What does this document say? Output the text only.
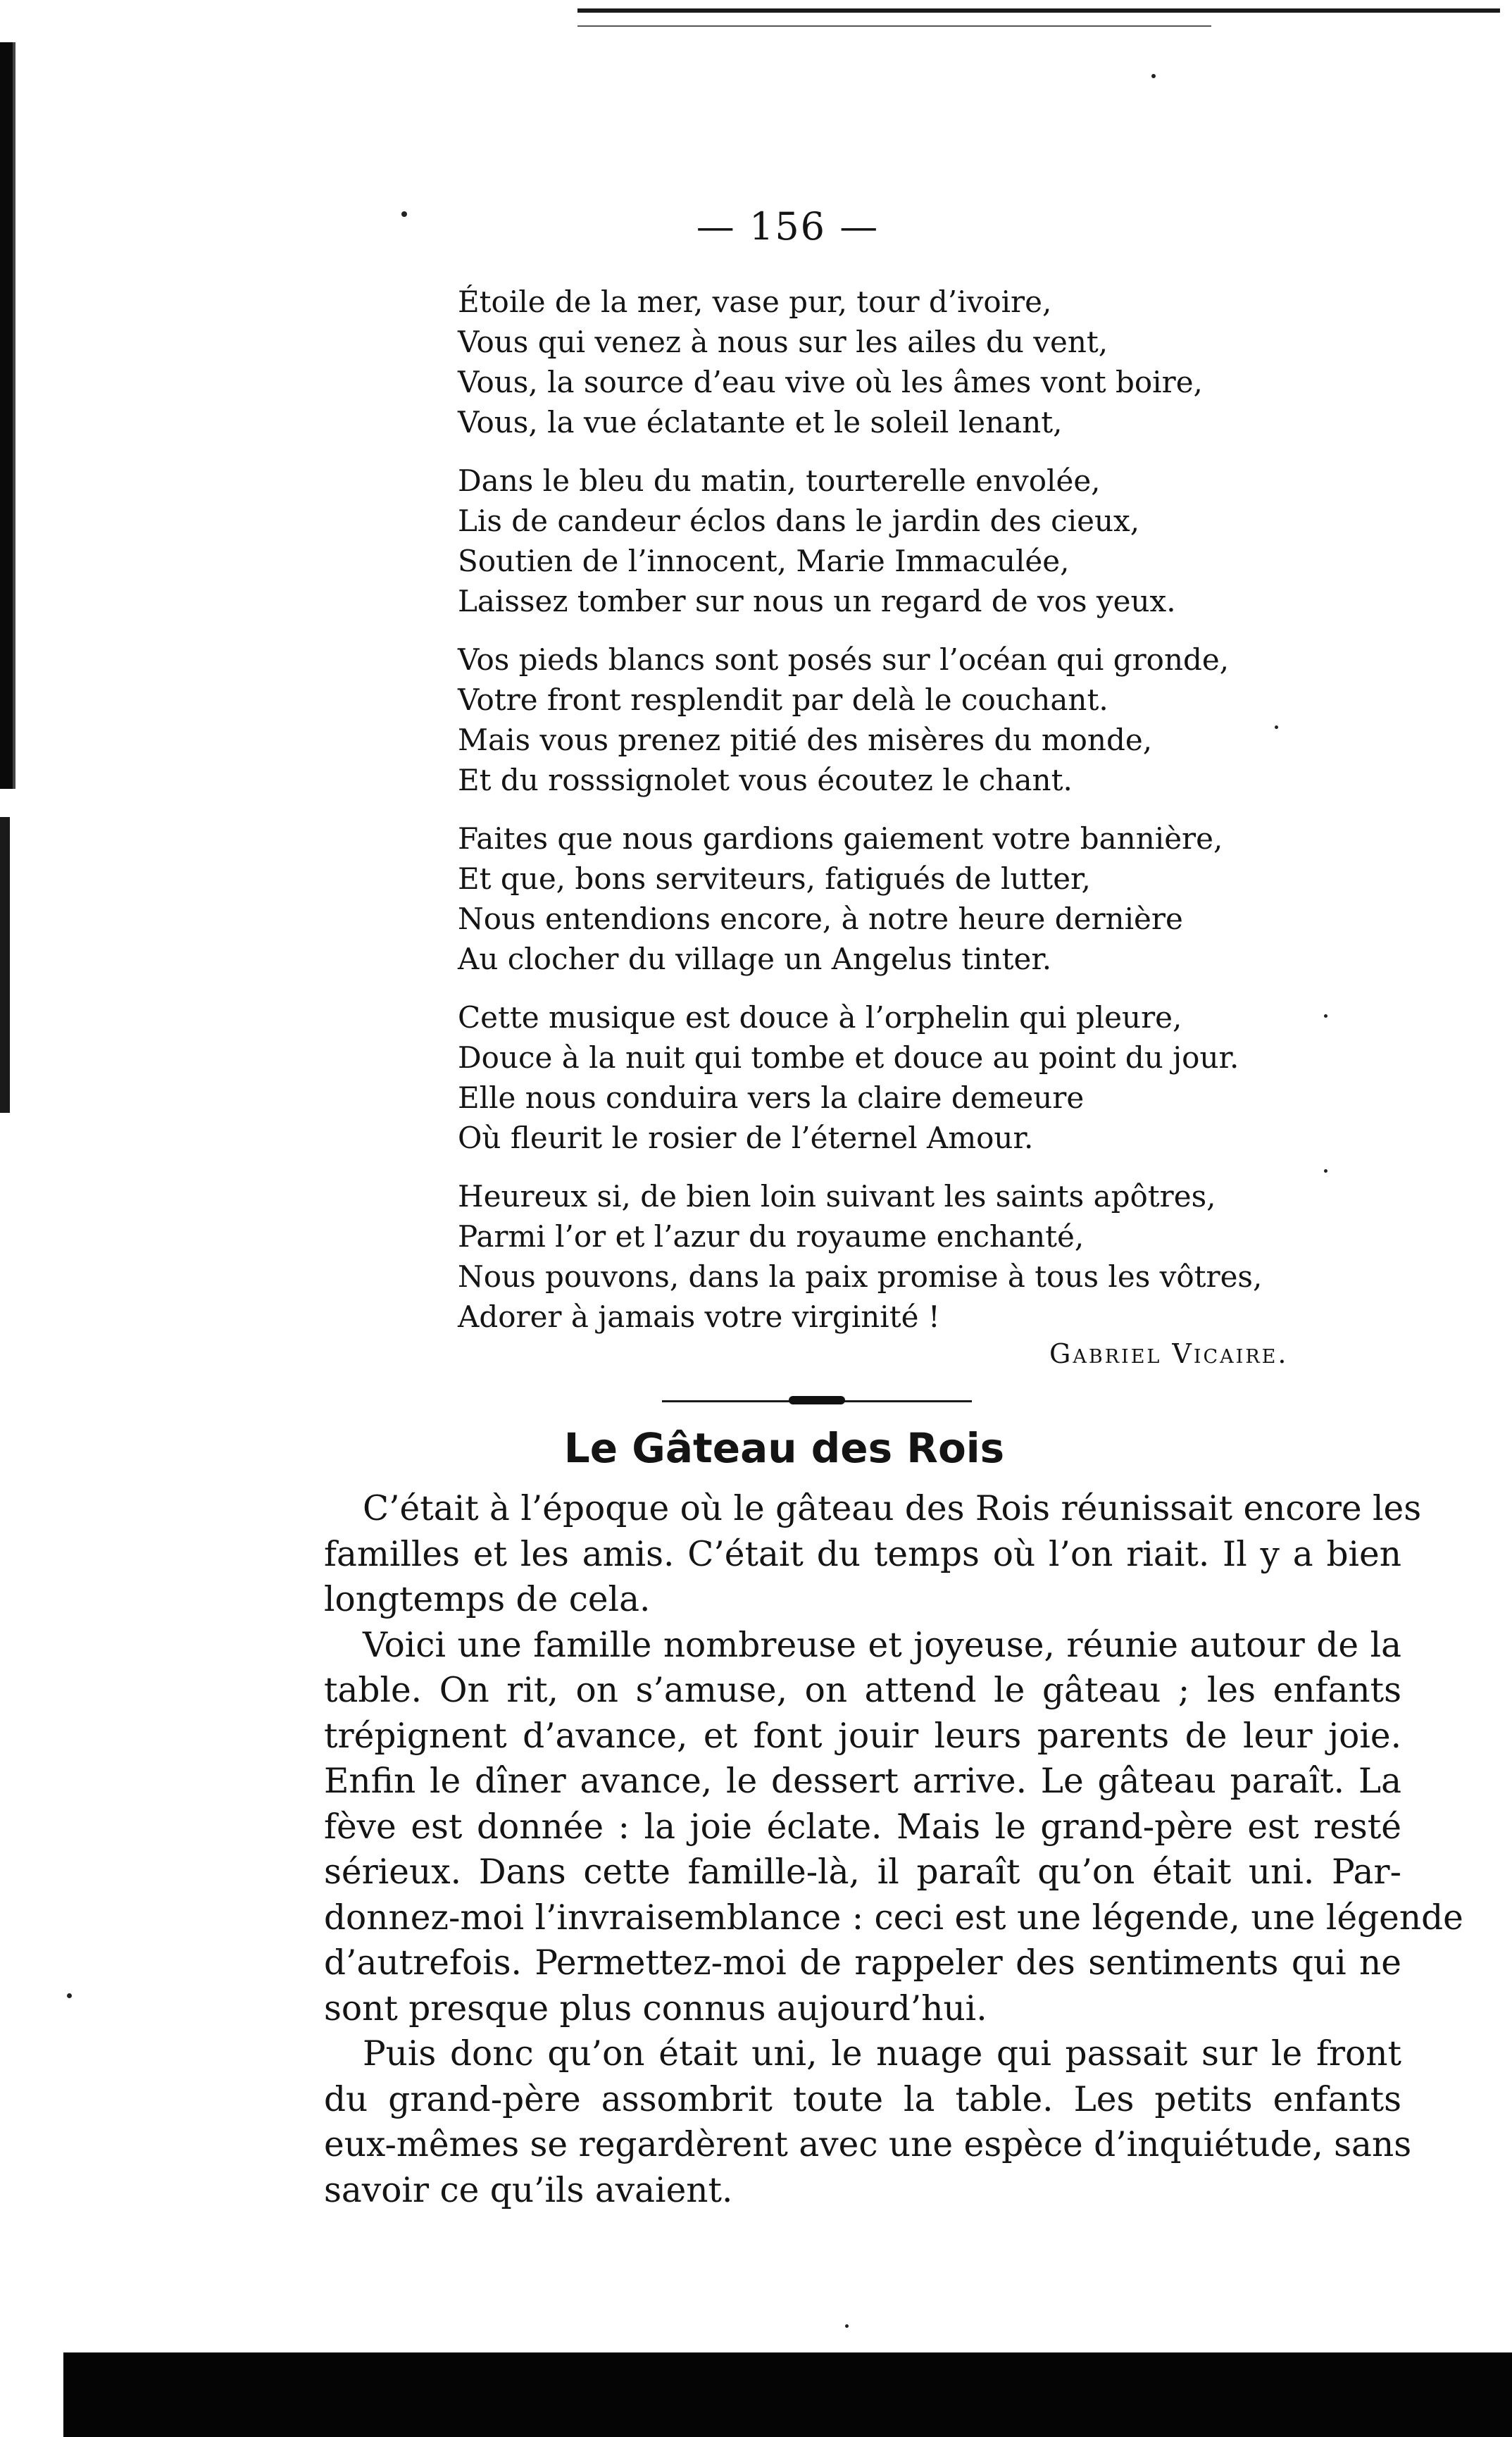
— 156 —
Étoile de la mer, vase pur, tour d’ivoire,
Vous qui venez à nous sur les ailes du vent,
Vous, la source d’eau vive où les âmes vont boire,
Vous, la vue éclatante et le soleil lenant,
Dans le bleu du matin, tourterelle envolée,
Lis de candeur éclos dans le jardin des cieux,
Soutien de l’innocent, Marie Immaculée,
Laissez tomber sur nous un regard de vos yeux.
Vos pieds blancs sont posés sur l’océan qui gronde,
Votre front resplendit par delà le couchant.
Mais vous prenez pitié des misères du monde,
Et du rosssignolet vous écoutez le chant.
Faites que nous gardions gaiement votre bannière,
Et que, bons serviteurs, fatigués de lutter,
Nous entendions encore, à notre heure dernière
Au clocher du village un Angelus tinter.
Cette musique est douce à l’orphelin qui pleure,
Douce à la nuit qui tombe et douce au point du jour.
Elle nous conduira vers la claire demeure
Où fleurit le rosier de l’éternel Amour.
Heureux si, de bien loin suivant les saints apôtres,
Parmi l’or et l’azur du royaume enchanté,
Nous pouvons, dans la paix promise à tous les vôtres,
Adorer à jamais votre virginité !
Gabriel Vicaire.
Le Gâteau des Rois
C’était à l’époque où le gâteau des Rois réunissait encore les
familles et les amis. C’était du temps où l’on riait. Il y a bien
longtemps de cela.
Voici une famille nombreuse et joyeuse, réunie autour de la
table. On rit, on s’amuse, on attend le gâteau ; les enfants
trépignent d’avance, et font jouir leurs parents de leur joie.
Enfin le dîner avance, le dessert arrive. Le gâteau paraît. La
fève est donnée : la joie éclate. Mais le grand-père est resté
sérieux. Dans cette famille-là, il paraît qu’on était uni. Par-
donnez-moi l’invraisemblance : ceci est une légende, une légende
d’autrefois. Permettez-moi de rappeler des sentiments qui ne
sont presque plus connus aujourd’hui.
Puis donc qu’on était uni, le nuage qui passait sur le front
du grand-père assombrit toute la table. Les petits enfants
eux-mêmes se regardèrent avec une espèce d’inquiétude, sans
savoir ce qu’ils avaient.
